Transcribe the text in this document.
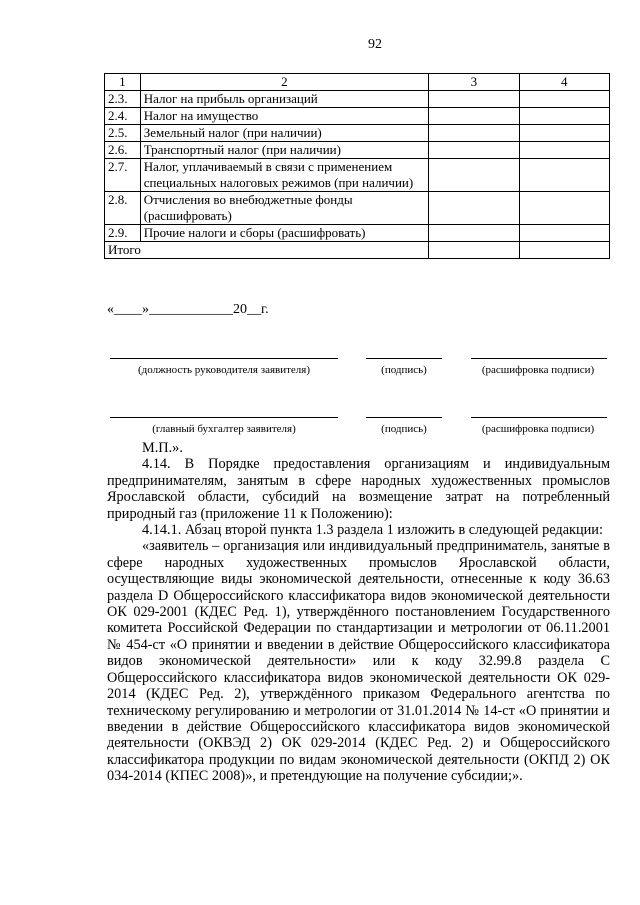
92
1	2	3	4
2.3.	Налог на прибыль организаций		
2.4.	Налог на имущество		
2.5.	Земельный налог (при наличии)		
2.6.	Транспортный налог (при наличии)		
2.7.	Налог, уплачиваемый в связи с применением специальных налоговых режимов (при наличии)		
2.8.	Отчисления во внебюджетные фонды (расшифровать)		
2.9.	Прочие налоги и сборы (расшифровать)		
Итого			
«____»____________20__г.
(должность руководителя заявителя)	(подпись)	(расшифровка подписи)
(главный бухгалтер заявителя)	(подпись)	(расшифровка подписи)

М.П.».

4.14. В Порядке предоставления организациям и индивидуальным предпринимателям, занятым в сфере народных художественных промыслов Ярославской области, субсидий на возмещение затрат на потребленный природный газ (приложение 11 к Положению):

4.14.1. Абзац второй пункта 1.3 раздела 1 изложить в следующей редакции:

«заявитель – организация или индивидуальный предприниматель, занятые в сфере народных художественных промыслов Ярославской области, осуществляющие виды экономической деятельности, отнесенные к коду 36.63 раздела D Общероссийского классификатора видов экономической деятельности ОК 029-2001 (КДЕС Ред. 1), утверждённого постановлением Государственного комитета Российской Федерации по стандартизации и метрологии от 06.11.2001 № 454-ст «О принятии и введении в действие Общероссийского классификатора видов экономической деятельности» или к коду 32.99.8 раздела С Общероссийского классификатора видов экономической деятельности ОК 029-2014 (КДЕС Ред. 2), утверждённого приказом Федерального агентства по техническому регулированию и метрологии от 31.01.2014 № 14-ст «О принятии и введении в действие Общероссийского классификатора видов экономической деятельности (ОКВЭД 2) ОК 029-2014 (КДЕС Ред. 2) и Общероссийского классификатора продукции по видам экономической деятельности (ОКПД 2) ОК 034-2014 (КПЕС 2008)», и претендующие на получение субсидии;».
